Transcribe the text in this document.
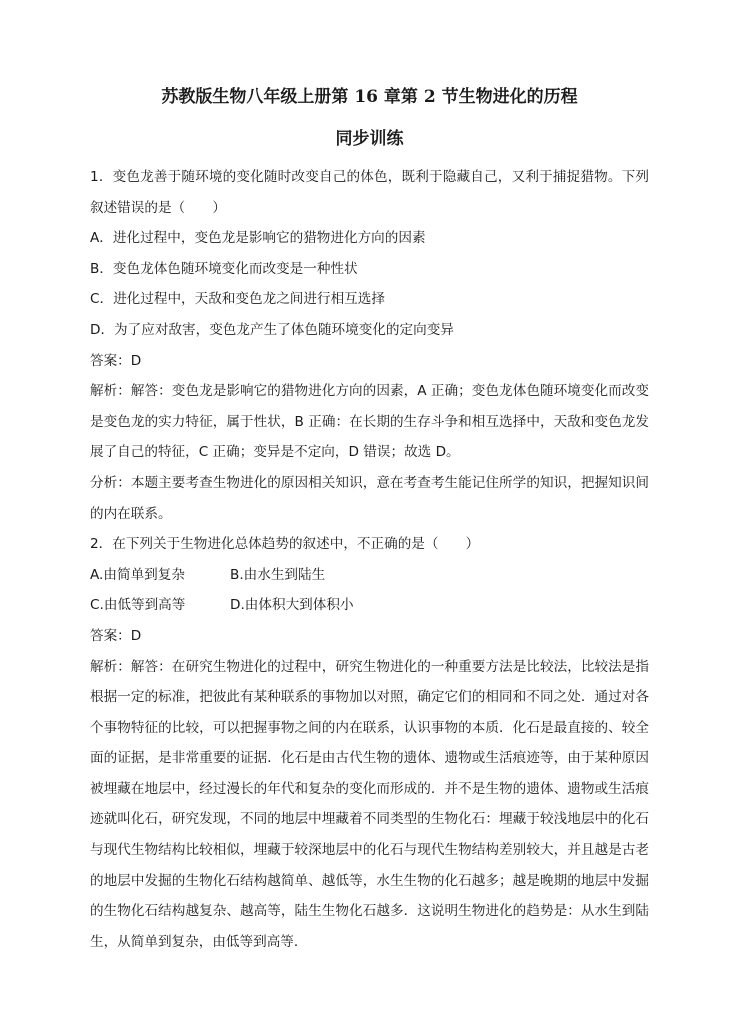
苏教版生物八年级上册第 16 章第 2 节生物进化的历程
同步训练

1．变色龙善于随环境的变化随时改变自己的体色，既利于隐藏自己，又利于捕捉猎物。下列叙述错误的是（　　）

A．进化过程中，变色龙是影响它的猎物进化方向的因素

B．变色龙体色随环境变化而改变是一种性状

C．进化过程中，天敌和变色龙之间进行相互选择

D．为了应对敌害，变色龙产生了体色随环境变化的定向变异

答案：D

解析：解答：变色龙是影响它的猎物进化方向的因素，A 正确；变色龙体色随环境变化而改变是变色龙的实力特征，属于性状，B 正确：在长期的生存斗争和相互选择中，天敌和变色龙发展了自己的特征，C 正确；变异是不定向，D 错误；故选 D。

分析：本题主要考查生物进化的原因相关知识，意在考查考生能记住所学的知识，把握知识间的内在联系。

2．在下列关于生物进化总体趋势的叙述中，不正确的是（　　）

A.由简单到复杂	B.由水生到陆生
C.由低等到高等	D.由体积大到体积小

答案：D

解析：解答：在研究生物进化的过程中，研究生物进化的一种重要方法是比较法，比较法是指根据一定的标准，把彼此有某种联系的事物加以对照，确定它们的相同和不同之处．通过对各个事物特征的比较，可以把握事物之间的内在联系，认识事物的本质．化石是最直接的、较全面的证据，是非常重要的证据．化石是由古代生物的遗体、遗物或生活痕迹等，由于某种原因被埋藏在地层中，经过漫长的年代和复杂的变化而形成的．并不是生物的遗体、遗物或生活痕迹就叫化石，研究发现，不同的地层中埋藏着不同类型的生物化石：埋藏于较浅地层中的化石与现代生物结构比较相似，埋藏于较深地层中的化石与现代生物结构差别较大，并且越是古老的地层中发掘的生物化石结构越简单、越低等，水生生物的化石越多；越是晚期的地层中发掘的生物化石结构越复杂、越高等，陆生生物化石越多．这说明生物进化的趋势是：从水生到陆生，从简单到复杂，由低等到高等．
